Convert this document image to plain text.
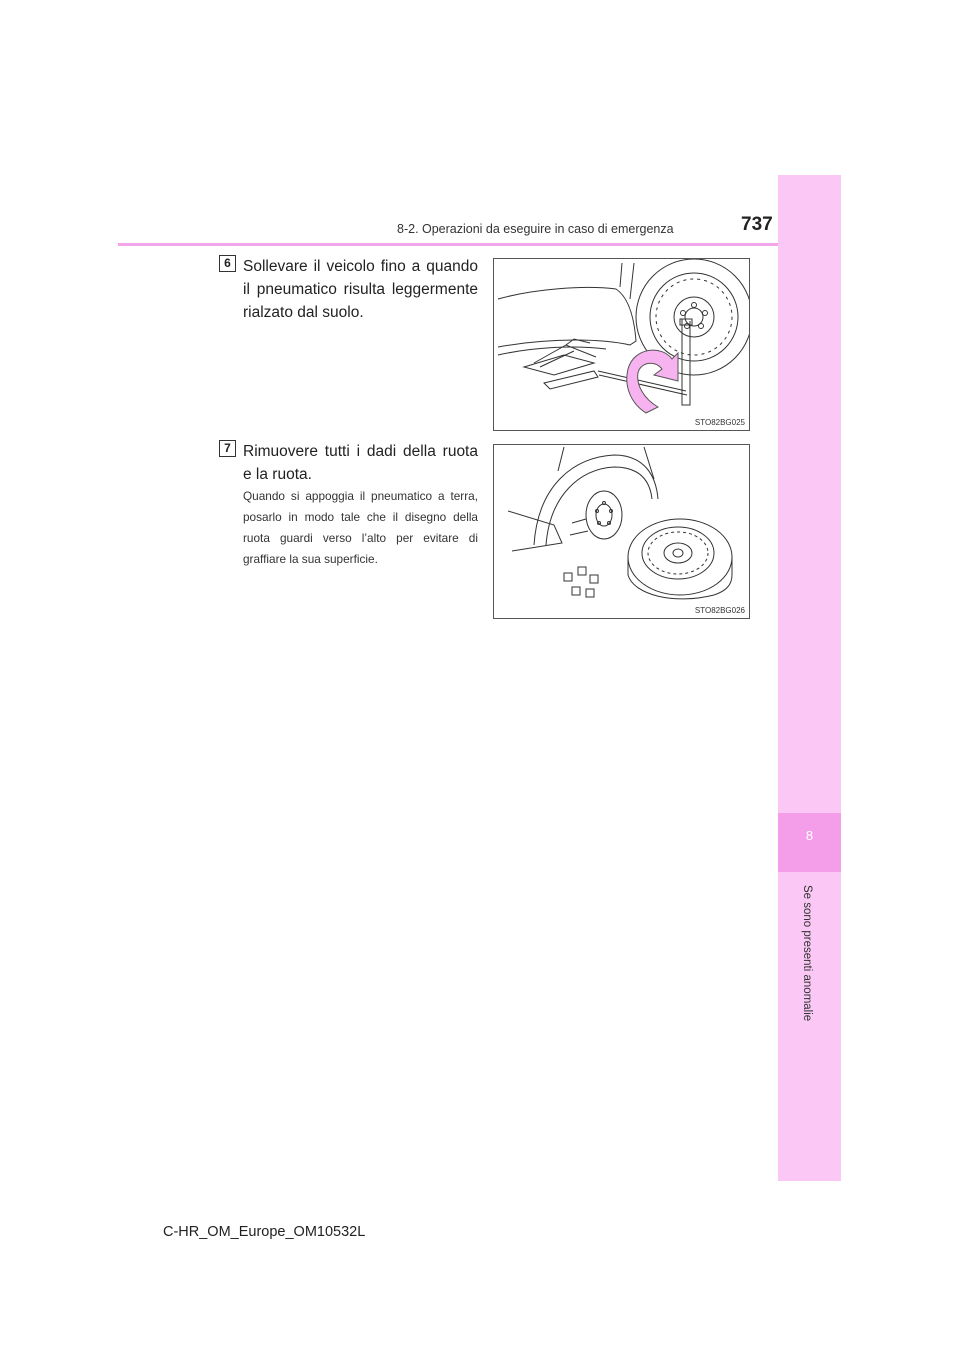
8-2. Operazioni da eseguire in caso di emergenza	737
8
Se sono presenti anomalie
6 Sollevare il veicolo fino a quando il pneumatico risulta leggermente rialzato dal suolo.
STO82BG025
7 Rimuovere tutti i dadi della ruota e la ruota.
Quando si appoggia il pneumatico a terra, posarlo in modo tale che il disegno della ruota guardi verso l’alto per evitare di graffiare la sua superficie.
STO82BG026
C-HR_OM_Europe_OM10532L
